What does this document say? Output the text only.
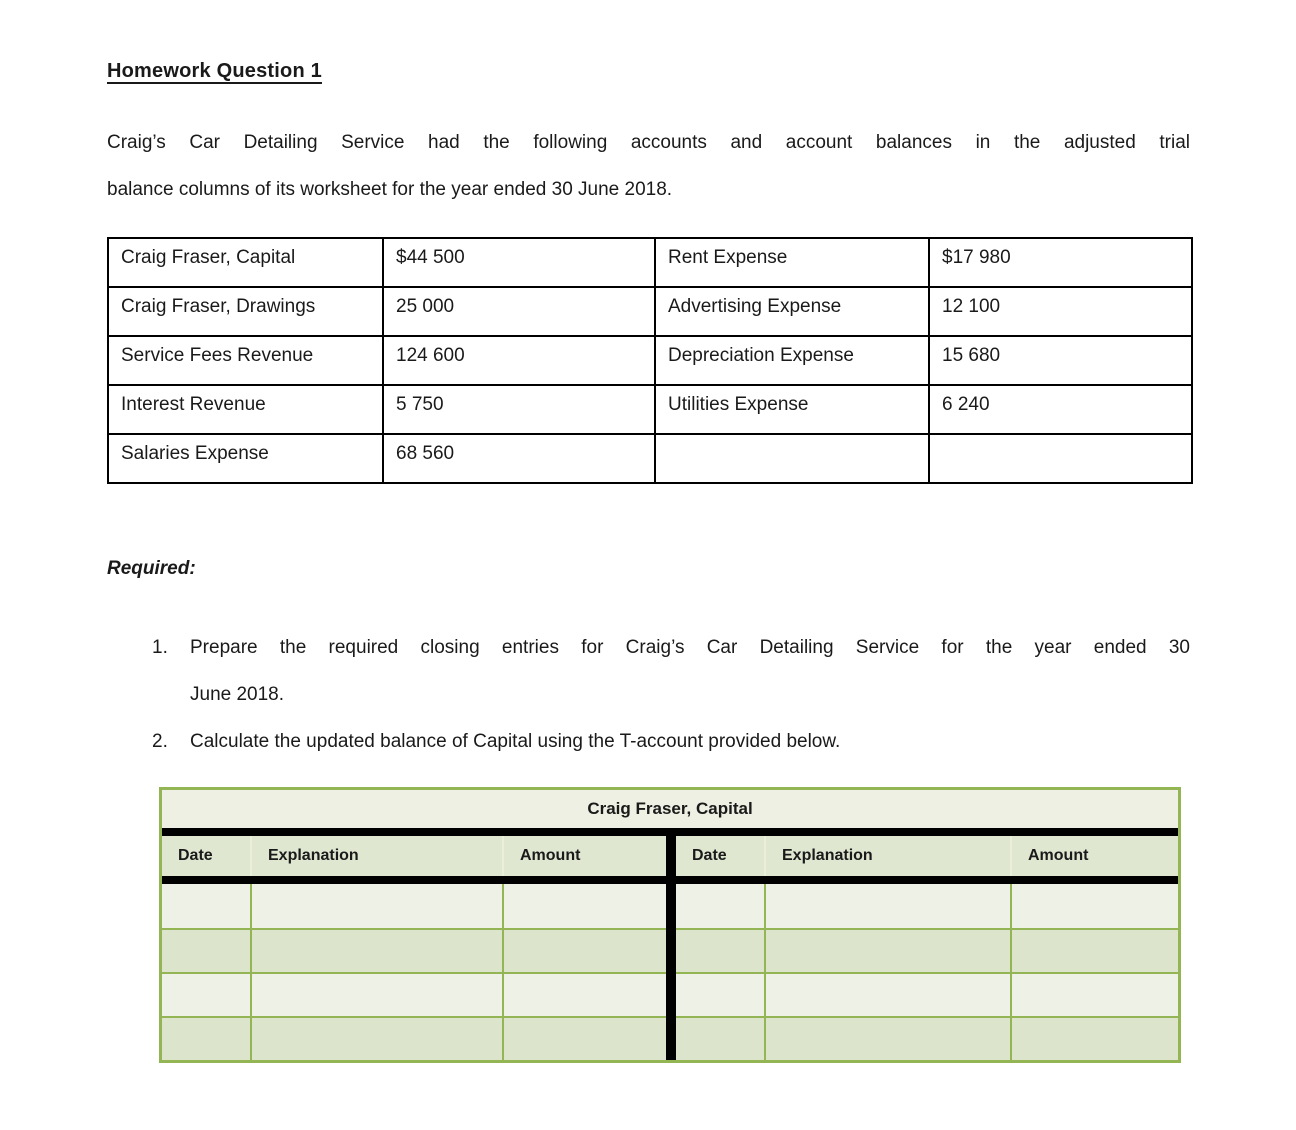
Homework Question 1
Craig’s Car Detailing Service had the following accounts and account balances in the adjusted trial
balance columns of its worksheet for the year ended 30 June 2018.
Craig Fraser, Capital	$44 500	Rent Expense	$17 980
Craig Fraser, Drawings	25 000	Advertising Expense	12 100
Service Fees Revenue	124 600	Depreciation Expense	15 680
Interest Revenue	5 750	Utilities Expense	6 240
Salaries Expense	68 560		
Required:
1.	Prepare the required closing entries for Craig’s Car Detailing Service for the year ended 30
June 2018.
2.	Calculate the updated balance of Capital using the T-account provided below.
Craig Fraser, Capital
Date	Explanation	Amount	Date	Explanation	Amount
